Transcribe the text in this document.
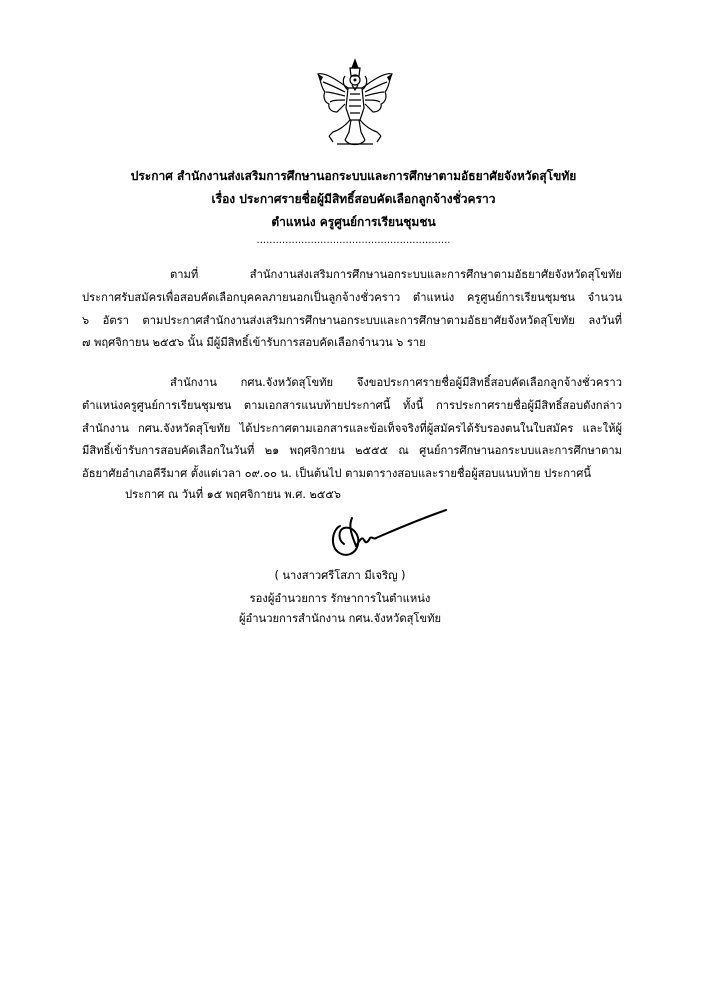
ประกาศ สำนักงานส่งเสริมการศึกษานอกระบบและการศึกษาตามอัธยาศัยจังหวัดสุโขทัย
เรื่อง ประกาศรายชื่อผู้มีสิทธิ์สอบคัดเลือกลูกจ้างชั่วคราว
ตำแหน่ง ครูศูนย์การเรียนชุมชน
.............................................................
ตามที่ สำนักงานส่งเสริมการศึกษานอกระบบและการศึกษาตามอัธยาศัยจังหวัดสุโขทัย
ประกาศรับสมัครเพื่อสอบคัดเลือกบุคคลภายนอกเป็นลูกจ้างชั่วคราว ตำแหน่ง ครูศูนย์การเรียนชุมชน จำนวน
๖ อัตรา ตามประกาศสำนักงานส่งเสริมการศึกษานอกระบบและการศึกษาตามอัธยาศัยจังหวัดสุโขทัย ลงวันที่
๗ พฤศจิกายน ๒๕๕๖ นั้น มีผู้มีสิทธิ์เข้ารับการสอบคัดเลือกจำนวน ๖ ราย
สำนักงาน กศน.จังหวัดสุโขทัย จึงขอประกาศรายชื่อผู้มีสิทธิ์สอบคัดเลือกลูกจ้างชั่วคราว
ตำแหน่งครูศูนย์การเรียนชุมชน ตามเอกสารแนบท้ายประกาศนี้ ทั้งนี้ การประกาศรายชื่อผู้มีสิทธิ์สอบดังกล่าว
สำนักงาน กศน.จังหวัดสุโขทัย ได้ประกาศตามเอกสารและข้อเท็จจริงที่ผู้สมัครได้รับรองตนในใบสมัคร และให้ผู้
มีสิทธิ์เข้ารับการสอบคัดเลือกในวันที่ ๒๑ พฤศจิกายน ๒๕๕๕ ณ ศูนย์การศึกษานอกระบบและการศึกษาตาม
อัธยาศัยอำเภอคีรีมาศ ตั้งแต่เวลา ๐๙.๐๐ น. เป็นต้นไป ตามตารางสอบและรายชื่อผู้สอบแนบท้าย ประกาศนี้
ประกาศ ณ วันที่ ๑๕ พฤศจิกายน พ.ศ. ๒๕๕๖
( นางสาวศรีโสภา มีเจริญ )
รองผู้อำนวยการ รักษาการในตำแหน่ง
ผู้อำนวยการสำนักงาน กศน.จังหวัดสุโขทัย
